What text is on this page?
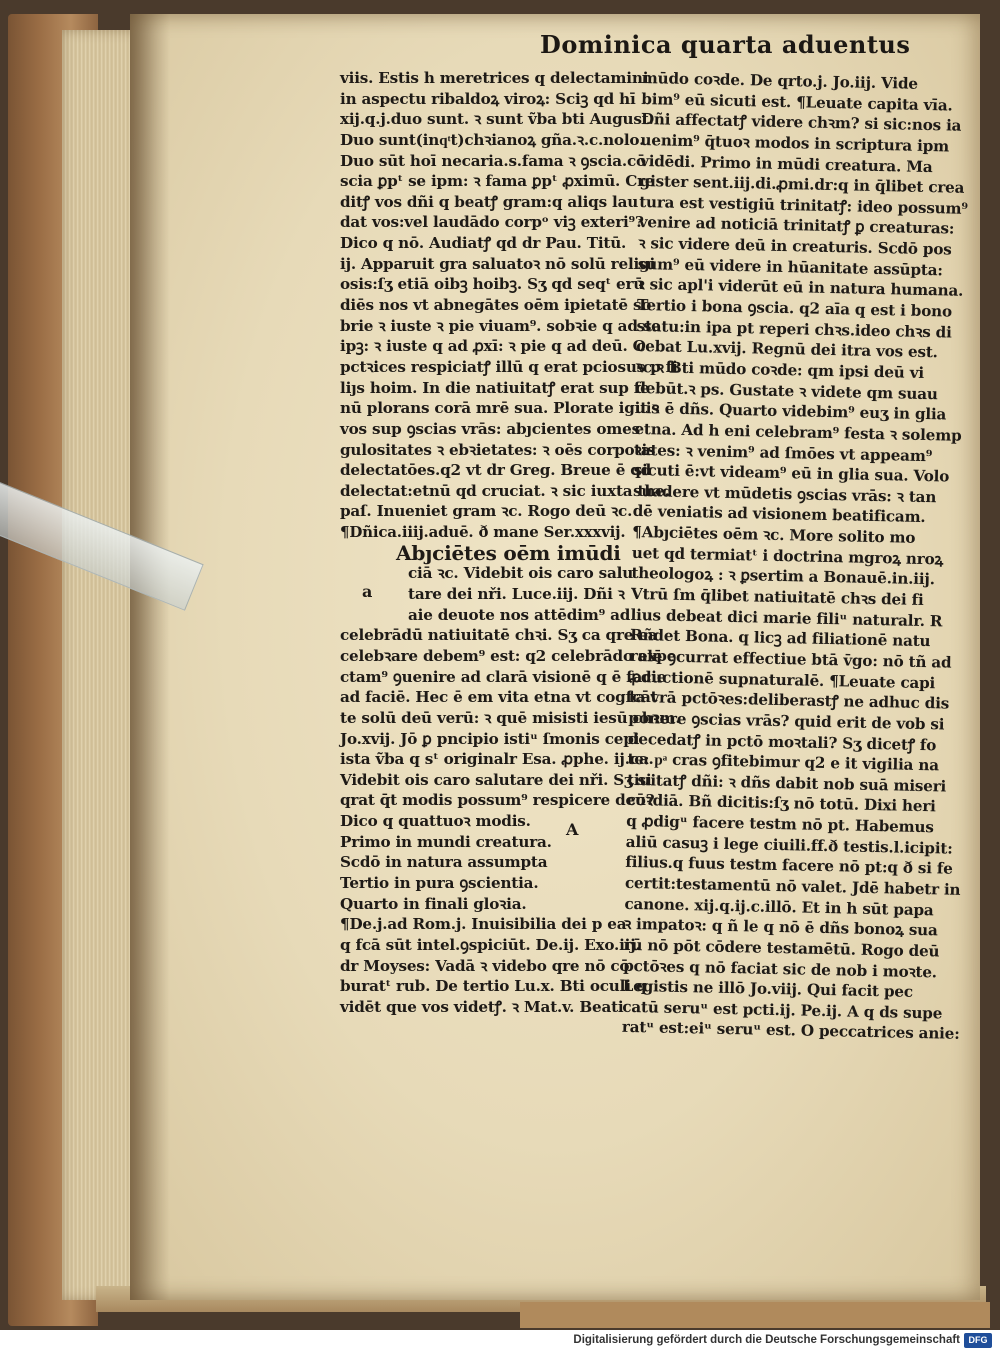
Dominica quarta aduentus
viis. Estis h meretrices q delectamini
in aspectu ribaldoꝝ viroꝝ: Sciꝫ qd hī
xij.q.j.duo sunt. ꝛ sunt ṽba bti August.
Duo sunt(inqͭt)chꝛianoꝝ gña.ꝛ.c.nolo.
Duo sūt hoī necaria.s.fama ꝛ ꝯscia.cō
scia ꝑpᵗ se ipm: ꝛ fama ꝑpᵗ ꝓximū. Cre
ditꝭ vos dñi q beatꝭ gram:q aliqs lau
dat vos:vel laudādo corpᵒ viꝫ exteri⁹?
Dico q nō. Audiatꝭ qd dr Pau. Titū.
ij. Apparuit gra saluatoꝛ nō solū religi
osis:ſʒ etiā oibꝫ hoibꝫ. Sʒ qd seqᵗ erū
diēs nos vt abnegātes oēm ipietatē so
brie ꝛ iuste ꝛ pie viuam⁹. sobꝛie q ad se
ipꝫ: ꝛ iuste q ad ꝓxī: ꝛ pie q ad deū. O
pctꝛices respiciatꝭ illū q erat pciosus p fi
liȷs hoim. In die natiuitatꝭ erat sup fe
nū plorans corā mrē sua. Plorate igit ꝛ
vos sup ꝯscias vrās: abȷcientes omes
gulositates ꝛ ebꝛietates: ꝛ oēs corpoꝛis
delectatōes.q2 vt dr Greg. Breue ē qd
delectat:etnū qd cruciat. ꝛ sic iuxta the.
paſ. Inueniet gram ꝛc. Rogo deū ꝛc.
¶Dñica.iiij.aduē. ð mane Ser.xxxvij.
Abȷciētes oēm imūdi
ciā ꝛc. Videbit ois caro salu
tare dei nři. Luce.iij. Dñi ꝛ
aie deuote nos attēdim⁹ ad
celebrādū natiuitatē chꝛi. Sʒ ca qre ea
celebꝛare debem⁹ est: q2 celebrādo expe
ctam⁹ ꝯuenire ad clarā visionē q ē facie
ad faciē. Hec ē em vita etna vt cogſcāt
te solū deū verū: ꝛ quē misisti iesū chꝛm.
Jo.xvij. Jō ꝑ pncipio istiᵘ ſmonis cepi
ista ṽba q sᵗ originalr Esa. ꝓphe. ij.ca.
Videbit ois caro salutare dei nři. Sʒ si
qrat q̄t modis possum⁹ respicere deū?
Dico q quattuoꝛ modis.
Primo in mundi creatura.
Scdō in natura assumpta
Tertio in pura ꝯscientia.
Quarto in finali gloꝛia.
¶De.j.ad Rom.j. Inuisibilia dei p ea
q fcā sūt intel.ꝯspiciūt. De.ij. Exo.iij.
dr Moyses: Vadā ꝛ videbo qre nō cō
buratᵗ rub. De tertio Lu.x. Bti oculi q
vidēt que vos videtꝭ. ꝛ Mat.v. Beati
a
A
mūdo coꝛde. De qrto.j. Jo.iij. Vide
bim⁹ eū sicuti est. ¶Leuate capita vīa.
Dñi affectatꝭ videre chꝛm? si sic:nos ia
uenim⁹ q̄tuoꝛ modos in scriptura ipm
vidēdi. Primo in mūdi creatura. Ma
gister sent.iij.di.ꝓmi.dr:q in q̄libet crea
tura est vestigiū trinitatꝭ: ideo possum⁹
venire ad noticiā trinitatꝭ ꝑ creaturas:
ꝛ sic videre deū in creaturis. Scdō pos
sum⁹ eū videre in hūanitate assūpta:
ꝛ sic apl'i viderūt eū in natura humana.
Tertio i bona ꝯscia. q2 aīa q est i bono
statu:in ipa pt reperi chꝛs.ideo chꝛs di
cebat Lu.xvij. Regnū dei itra vos est.
ꝛc.ꝛ Bti mūdo coꝛde: qm ipsi deū vi
debūt.ꝛ ps. Gustate ꝛ videte qm suau
uis ē dñs. Quarto videbim⁹ euʒ in glia
etna. Ad h eni celebram⁹ festa ꝛ solemp
tates: ꝛ venim⁹ ad ſmōes vt appeam⁹
sicuti ē:vt videam⁹ eū in glia sua. Volo
suadere vt mūdetis ꝯscias vrās: ꝛ tan
dē veniatis ad visionem beatificam.
¶Abȷciētes oēm ꝛc. More solito mo
uet qd termiatᵗ i doctrina mgroꝝ nroꝝ
theologoꝝ : ꝛ ꝑsertim a Bonauē.in.iij.
Vtrū ſm q̄libet natiuitatē chꝛs dei fi
lius debeat dici marie filiᵘ naturalr. R
Rñdet Bona. q licꝫ ad filiationē natu
ralē ꝯcurrat effectiue btā v̄go: nō tñ ad
ꝓductionē supnaturalē. ¶Leuate capi
ta vrā pctōꝛes:deliberastꝭ ne adhuc dis
ponere ꝯscias vrās? quid erit de vob si
decedatꝭ in pctō moꝛtali? Sʒ dicetꝭ fo
te: pͣ cras ꝯfitebimur q2 e it vigilia na
tiuitatꝭ dñi: ꝛ dñs dabit nob suā miseri
coꝛdiā. Bñ dicitis:ſʒ nō totū. Dixi heri
q ꝓdigᵘ facere testm nō pt. Habemus
aliū casuꝫ i lege ciuili.ff.ð testis.l.icipit:
filius.q fuus testm facere nō pt:q ð si fe
certit:testamentū nō valet. Jdē habetr in
canone. xij.q.ij.c.illō. Et in h sūt papa
ꝛ impatoꝛ: q ñ le q nō ē dñs bonoꝝ sua
rū nō pōt cōdere testamētū. Rogo deū
pctōꝛes q nō faciat sic de nob i moꝛte.
Legistis ne illō Jo.viij. Qui facit pec
catū seruᵘ est pcti.ij. Pe.ij. A q ds supe
ratᵘ est:eiᵘ seruᵘ est. O peccatrices anie:
Digitalisierung gefördert durch die Deutsche Forschungsgemeinschaft DFG
